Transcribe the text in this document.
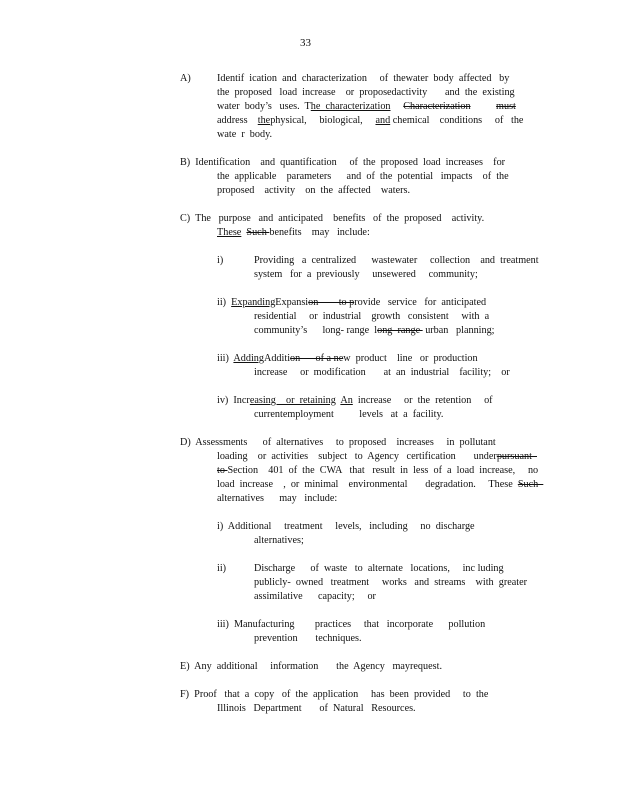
33
A)	Identif  ication  and  characterization     of  thewater  body  affected   by
the  proposed   load  increase    or  proposedactivity       and  the  existing
water  body’s   uses.  The  characterization Characterization must
address    thephysical,     biological,     and chemical    conditions     of   the
wate  r  body.
B)  Identification    and  quantification     of  the  proposed  load  increases    for
the  applicable    parameters      and  of  the  potential   impacts    of  the
proposed    activity    on  the  affected    waters.
C)  The   purpose   and  anticipated    benefits   of  the  proposed    activity.
These Such benefits    may   include:
i)	Providing   a  centralized      wastewater     collection    and  treatment
system   for  a  previously     unsewered     community;
ii)  ExpandingExpansion        to provide   service   for  anticipated
residential     or  industrial    growth   consistent     with  a
community’s      long- range  long  range  urban   planning;
iii)  AddingAddition      of a new  product    line   or  production
increase     or  modification       at  an  industrial    facility;    or
iv)  Increasing    or  retaining An  increase     or  the  retention     of
currentemployment          levels   at  a  facility.
D)  Assessments      of  alternatives     to  proposed    increases     in  pollutant
loading    or  activities    subject   to  Agency   certification       underpursuant
to Section    401  of  the  CWA   that   result  in  less  of  a  load  increase,     no
load  increase    ,  or  minimal    environmental       degradation.     These  Such
alternatives      may   include:
i)  Additional     treatment     levels,   including     no  discharge
alternatives;
ii)	Discharge      of  waste   to  alternate   locations,     inc luding
publicly-  owned   treatment     works   and  streams    with  greater
assimilative      capacity;     or
iii)  Manufacturing        practices     that   incorporate      pollution
prevention       techniques.
E)  Any  additional     information       the  Agency   mayrequest.
F)  Proof   that  a  copy   of  the  application     has  been  provided     to  the
Illinois   Department       of  Natural   Resources.
